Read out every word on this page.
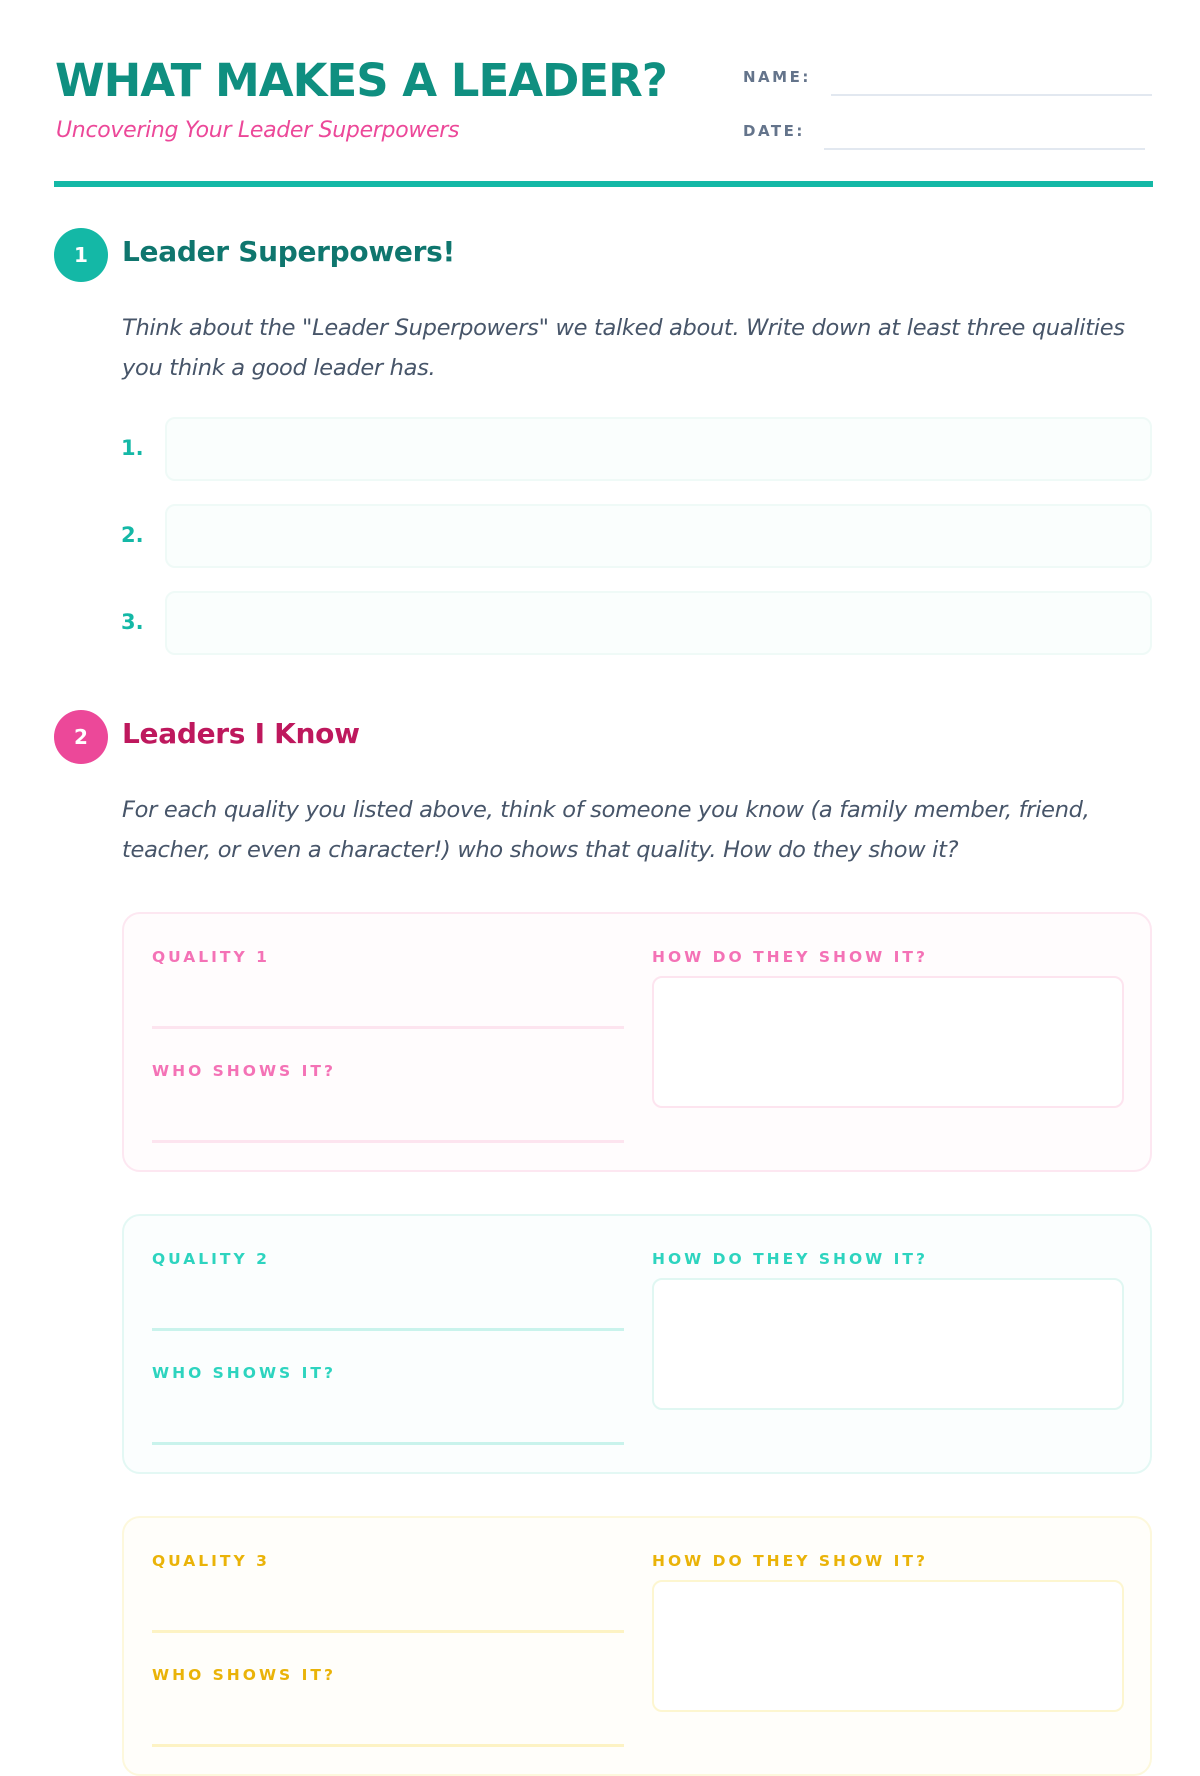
WHAT MAKES A LEADER?
Uncovering Your Leader Superpowers
NAME:
DATE:
1	Leader Superpowers!
Think about the "Leader Superpowers" we talked about. Write down at least three qualities you think a good leader has.
1.
2.
3.
2	Leaders I Know
For each quality you listed above, think of someone you know (a family member, friend, teacher, or even a character!) who shows that quality. How do they show it?
QUALITY 1
WHO SHOWS IT?
HOW DO THEY SHOW IT?
QUALITY 2
WHO SHOWS IT?
HOW DO THEY SHOW IT?
QUALITY 3
WHO SHOWS IT?
HOW DO THEY SHOW IT?
